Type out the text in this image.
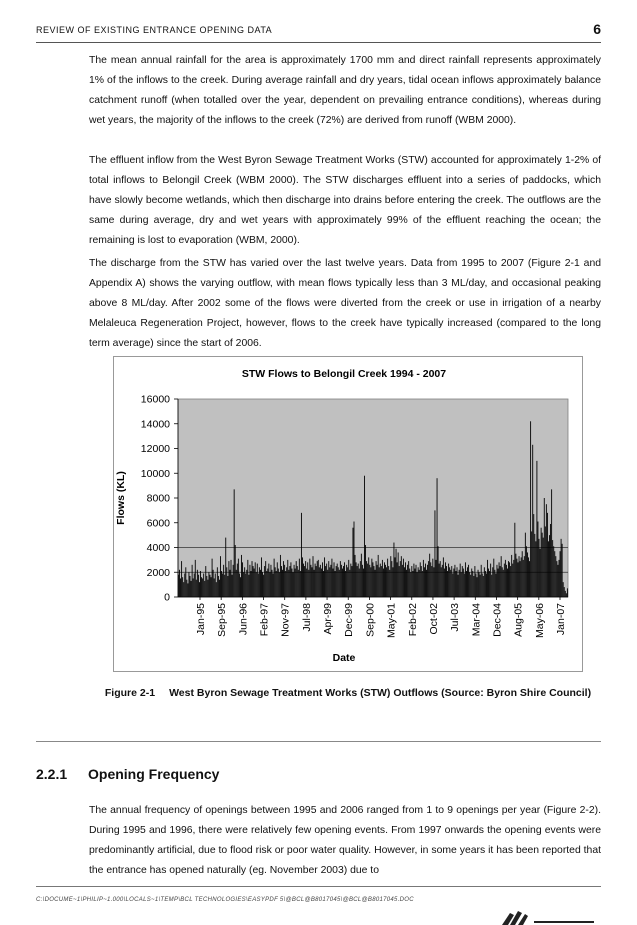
REVIEW OF EXISTING ENTRANCE OPENING DATA	6

The mean annual rainfall for the area is approximately 1700 mm and direct rainfall represents approximately 1% of the inflows to the creek. During average rainfall and dry years, tidal ocean inflows approximately balance catchment runoff (when totalled over the year, dependent on prevailing entrance conditions), whereas during wet years, the majority of the inflows to the creek (72%) are derived from runoff (WBM 2000).

The effluent inflow from the West Byron Sewage Treatment Works (STW) accounted for approximately 1-2% of total inflows to Belongil Creek (WBM 2000). The STW discharges effluent into a series of paddocks, which have slowly become wetlands, which then discharge into drains before entering the creek. The outflows are the same during average, dry and wet years with approximately 99% of the effluent reaching the ocean; the remaining is lost to evaporation (WBM, 2000).

The discharge from the STW has varied over the last twelve years. Data from 1995 to 2007 (Figure 2-1 and Appendix A) shows the varying outflow, with mean flows typically less than 3 ML/day, and occasional peaking above 8 ML/day. After 2002 some of the flows were diverted from the creek or use in irrigation of a nearby Melaleuca Regeneration Project, however, flows to the creek have typically increased (compared to the long term average) since the start of 2006.

STW Flows to Belongil Creek 1994 - 2007
0
2000
4000
6000
8000
10000
12000
14000
16000
Jan-95 Sep-95 Jun-96 Feb-97 Nov-97 Jul-98 Apr-99 Dec-99 Sep-00 May-01 Feb-02 Oct-02 Jul-03 Mar-04 Dec-04 Aug-05 May-06 Jan-07
Flows (KL)
Date

Figure 2-1 West Byron Sewage Treatment Works (STW) Outflows (Source: Byron Shire Council)

2.2.1 Opening Frequency

The annual frequency of openings between 1995 and 2006 ranged from 1 to 9 openings per year (Figure 2-2). During 1995 and 1996, there were relatively few opening events. From 1997 onwards the opening events were predominantly artificial, due to flood risk or poor water quality. However, in some years it has been reported that the entrance has opened naturally (eg. November 2003) due to

C:\DOCUME~1\PHILIP~1.000\LOCALS~1\TEMP\BCL TECHNOLOGIES\EASYPDF 5\@BCL@B8017045\@BCL@B8017045.DOC
